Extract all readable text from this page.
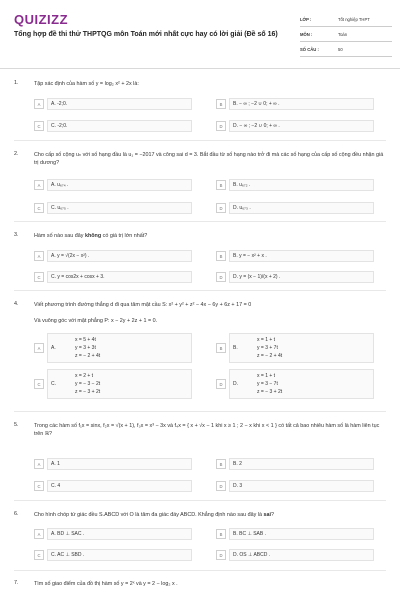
QUIZIZZ
Tổng hợp đề thi thử THPTQG môn Toán mới nhất cực hay có lời giải (Đề số 16)
LỚP :	Tốt nghiệp THPT
MÔN :	Toán
SỐ CÂU :	50
1.	Tập xác định của hàm số y = log₂ x² + 2x là:
A	A. -2;0.	B	B. − ∞ ; −2 ∪ 0; + ∞ .
C	C. -2;0.	D	D. − ∞ ; −2 ∪ 0; + ∞ .
2.	Cho cấp số cộng uₙ với số hạng đầu là u₁ = −2017 và công sai d = 3. Bắt đầu từ số hạng nào trở đi mà các số hạng của cấp số cộng đều nhận giá trị dương?
A	A. u₆₇₄ .	B	B. u₆₇₂ .
C	C. u₆₇₅ .	D	D. u₆₇₃ .
3.	Hàm số nào sau đây không có giá trị lớn nhất?
A	A. y = √(2x − x²) .	B	B. y = − x² + x .
C	C. y = cos2x + cosx + 3.	D	D. y = (x − 1)/(x + 2) .
4.	Viết phương trình đường thẳng d đi qua tâm mặt cầu S: x² + y² + z² − 4x − 6y + 6z + 17 = 0
Và vuông góc với mặt phẳng P: x − 2y + 2z + 1 = 0.
A
x = 5 + 4t
A.	y = 3 + 3t
z = − 2 + 4t
B
x = 1 + t
B.	y = 3 + 7t
z = − 2 + 4t
C
x = 2 + t
C.	y = − 3 − 2t
z = − 3 + 2t
D
x = 1 + t
D.	y = 3 − 7t
z = − 3 + 2t
5.	Trong các hàm số f₁x = sinx, f₂x = √(x + 1), f₃x = x³ − 3x và f₄x = { x + √x − 1 khi x ≥ 1 ; 2 − x khi x < 1 } có tất cả bao nhiêu hàm số là hàm liên tục trên ℝ?
A	A. 1	B	B. 2
C	C. 4	D	D. 3
6.	Cho hình chóp tứ giác đều S.ABCD với O là tâm đa giác đáy ABCD. Khẳng định nào sau đây là sai?
A	A. BD ⊥ SAC .	B	B. BC ⊥ SAB .
C	C. AC ⊥ SBD .	D	D. OS ⊥ ABCD .
7.	Tìm số giao điểm của đồ thị hàm số y = 2ˣ và y = 2 − log₂ x .
